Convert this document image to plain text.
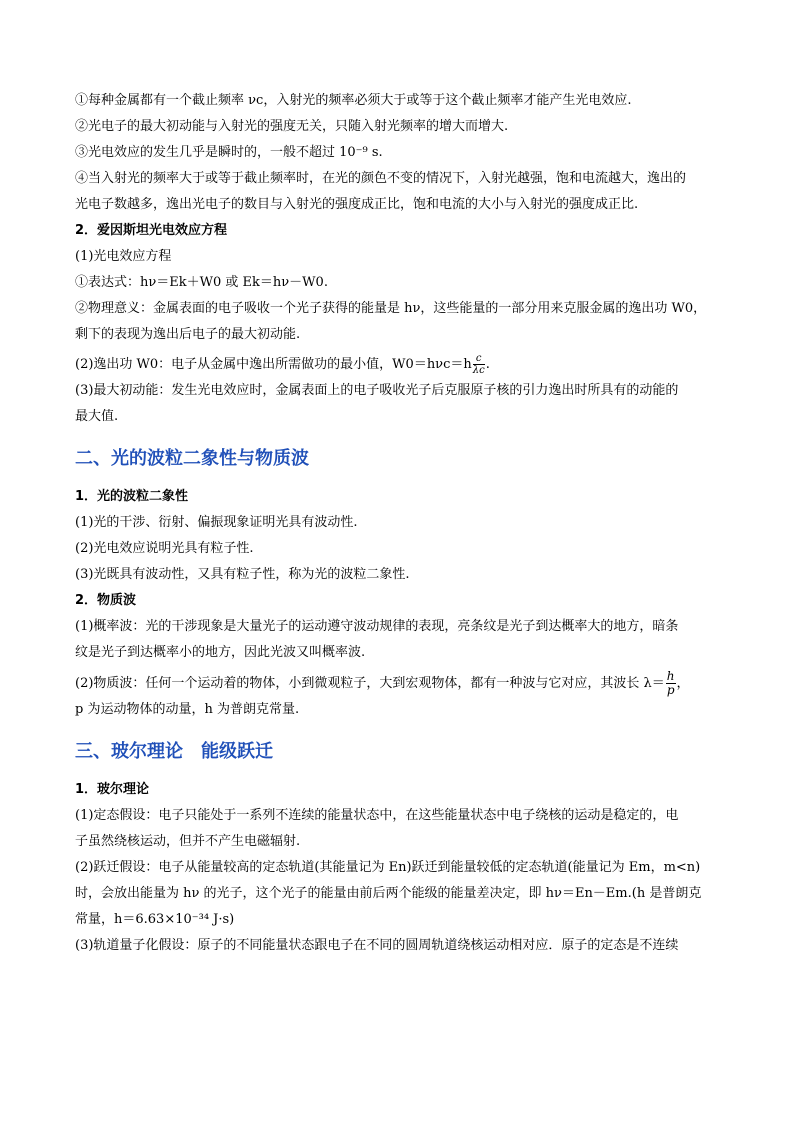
①每种金属都有一个截止频率 νc，入射光的频率必须大于或等于这个截止频率才能产生光电效应.
②光电子的最大初动能与入射光的强度无关，只随入射光频率的增大而增大.
③光电效应的发生几乎是瞬时的，一般不超过 10⁻⁹ s.
④当入射光的频率大于或等于截止频率时，在光的颜色不变的情况下，入射光越强，饱和电流越大，逸出的
光电子数越多，逸出光电子的数目与入射光的强度成正比，饱和电流的大小与入射光的强度成正比.
2．爱因斯坦光电效应方程
(1)光电效应方程
①表达式：hν＝Ek＋W0 或 Ek＝hν－W0.
②物理意义：金属表面的电子吸收一个光子获得的能量是 hν，这些能量的一部分用来克服金属的逸出功 W0，
剩下的表现为逸出后电子的最大初动能.
(2)逸出功 W0：电子从金属中逸出所需做功的最小值，$W0=h\nu c=h \frac{c}{\lambda c}$ .
(3)最大初动能：发生光电效应时，金属表面上的电子吸收光子后克服原子核的引力逸出时所具有的动能的
最大值.
二、光的波粒二象性与物质波
1．光的波粒二象性
(1)光的干涉、衍射、偏振现象证明光具有波动性.
(2)光电效应说明光具有粒子性.
(3)光既具有波动性，又具有粒子性，称为光的波粒二象性.
2．物质波
(1)概率波：光的干涉现象是大量光子的运动遵守波动规律的表现，亮条纹是光子到达概率大的地方，暗条
纹是光子到达概率小的地方，因此光波又叫概率波.
(2)物质波：任何一个运动着的物体，小到微观粒子，大到宏观物体，都有一种波与它对应，其波长 $\lambda= \frac{h}{p}$ ，
p 为运动物体的动量，h 为普朗克常量.
三、玻尔理论　能级跃迁
1．玻尔理论
(1)定态假设：电子只能处于一系列不连续的能量状态中，在这些能量状态中电子绕核的运动是稳定的，电
子虽然绕核运动，但并不产生电磁辐射.
(2)跃迁假设：电子从能量较高的定态轨道(其能量记为 En)跃迁到能量较低的定态轨道(能量记为 Em，m<n)
时，会放出能量为 hν 的光子，这个光子的能量由前后两个能级的能量差决定，即 hν＝En－Em.(h 是普朗克
常量，h＝6.63×10⁻³⁴ J·s)
(3)轨道量子化假设：原子的不同能量状态跟电子在不同的圆周轨道绕核运动相对应．原子的定态是不连续
